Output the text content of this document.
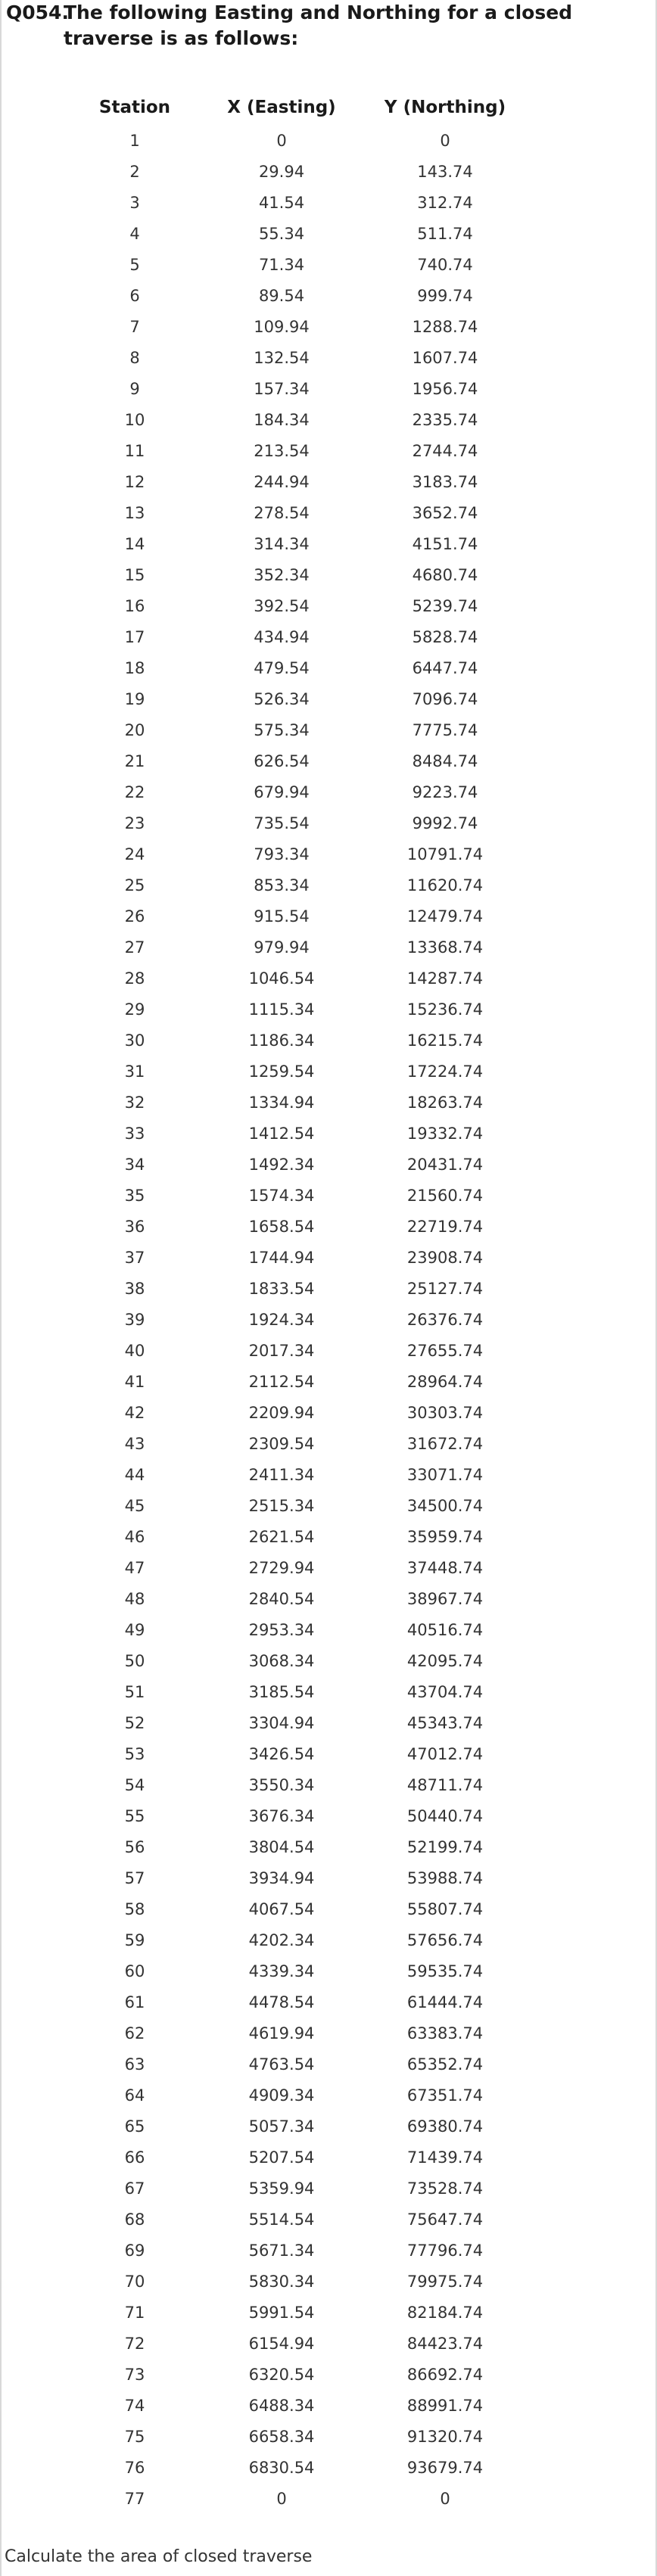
Q054.The following Easting and Northing for a closed
traverse is as follows:
Station	X (Easting)	Y (Northing)
1	0	0
2	29.94	143.74
3	41.54	312.74
4	55.34	511.74
5	71.34	740.74
6	89.54	999.74
7	109.94	1288.74
8	132.54	1607.74
9	157.34	1956.74
10	184.34	2335.74
11	213.54	2744.74
12	244.94	3183.74
13	278.54	3652.74
14	314.34	4151.74
15	352.34	4680.74
16	392.54	5239.74
17	434.94	5828.74
18	479.54	6447.74
19	526.34	7096.74
20	575.34	7775.74
21	626.54	8484.74
22	679.94	9223.74
23	735.54	9992.74
24	793.34	10791.74
25	853.34	11620.74
26	915.54	12479.74
27	979.94	13368.74
28	1046.54	14287.74
29	1115.34	15236.74
30	1186.34	16215.74
31	1259.54	17224.74
32	1334.94	18263.74
33	1412.54	19332.74
34	1492.34	20431.74
35	1574.34	21560.74
36	1658.54	22719.74
37	1744.94	23908.74
38	1833.54	25127.74
39	1924.34	26376.74
40	2017.34	27655.74
41	2112.54	28964.74
42	2209.94	30303.74
43	2309.54	31672.74
44	2411.34	33071.74
45	2515.34	34500.74
46	2621.54	35959.74
47	2729.94	37448.74
48	2840.54	38967.74
49	2953.34	40516.74
50	3068.34	42095.74
51	3185.54	43704.74
52	3304.94	45343.74
53	3426.54	47012.74
54	3550.34	48711.74
55	3676.34	50440.74
56	3804.54	52199.74
57	3934.94	53988.74
58	4067.54	55807.74
59	4202.34	57656.74
60	4339.34	59535.74
61	4478.54	61444.74
62	4619.94	63383.74
63	4763.54	65352.74
64	4909.34	67351.74
65	5057.34	69380.74
66	5207.54	71439.74
67	5359.94	73528.74
68	5514.54	75647.74
69	5671.34	77796.74
70	5830.34	79975.74
71	5991.54	82184.74
72	6154.94	84423.74
73	6320.54	86692.74
74	6488.34	88991.74
75	6658.34	91320.74
76	6830.54	93679.74
77	0	0
Calculate the area of closed traverse
